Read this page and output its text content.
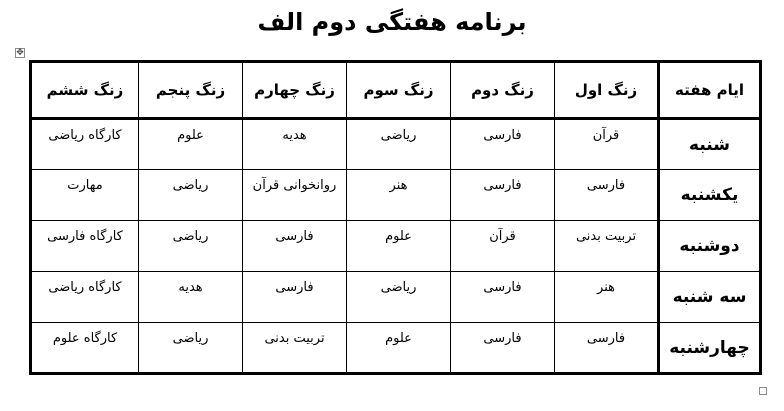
برنامه هفتگی دوم الف
✥
ایام هفته	زنگ اول	زنگ دوم	زنگ سوم	زنگ چهارم	زنگ پنجم	زنگ ششم
شنبه	قرآن	فارسی	ریاضی	هدیه	علوم	کارگاه ریاضی
یکشنبه	فارسی	فارسی	هنر	روانخوانی قرآن	ریاضی	مهارت
دوشنبه	تربیت بدنی	قرآن	علوم	فارسی	ریاضی	کارگاه فارسی
سه شنبه	هنر	فارسی	ریاضی	فارسی	هدیه	کارگاه ریاضی
چهارشنبه	فارسی	فارسی	علوم	تربیت بدنی	ریاضی	کارگاه علوم
